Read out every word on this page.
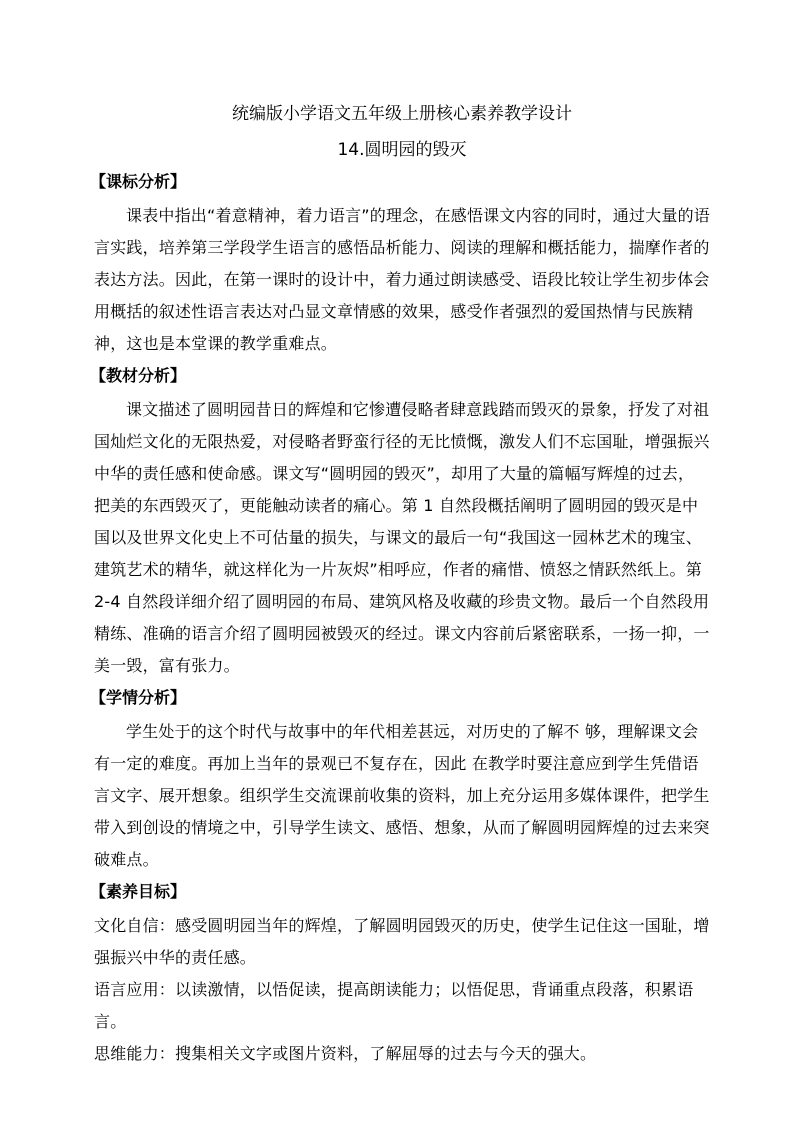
统编版小学语文五年级上册核心素养教学设计
14.圆明园的毁灭
【课标分析】

课表中指出“着意精神，着力语言”的理念，在感悟课文内容的同时，通过大量的语言实践，培养第三学段学生语言的感悟品析能力、阅读的理解和概括能力，揣摩作者的表达方法。因此，在第一课时的设计中，着力通过朗读感受、语段比较让学生初步体会用概括的叙述性语言表达对凸显文章情感的效果，感受作者强烈的爱国热情与民族精神，这也是本堂课的教学重难点。

【教材分析】

课文描述了圆明园昔日的辉煌和它惨遭侵略者肆意践踏而毁灭的景象，抒发了对祖国灿烂文化的无限热爱，对侵略者野蛮行径的无比愤慨，激发人们不忘国耻，增强振兴中华的责任感和使命感。课文写“圆明园的毁灭”，却用了大量的篇幅写辉煌的过去，把美的东西毁灭了，更能触动读者的痛心。第 1 自然段概括阐明了圆明园的毁灭是中国以及世界文化史上不可估量的损失，与课文的最后一句“我国这一园林艺术的瑰宝、建筑艺术的精华，就这样化为一片灰烬”相呼应，作者的痛惜、愤怒之情跃然纸上。第 2-4 自然段详细介绍了圆明园的布局、建筑风格及收藏的珍贵文物。最后一个自然段用精练、准确的语言介绍了圆明园被毁灭的经过。课文内容前后紧密联系，一扬一抑，一美一毁，富有张力。

【学情分析】

学生处于的这个时代与故事中的年代相差甚远，对历史的了解不 够，理解课文会有一定的难度。再加上当年的景观已不复存在，因此 在教学时要注意应到学生凭借语言文字、展开想象。组织学生交流课前收集的资料，加上充分运用多媒体课件，把学生带入到创设的情境之中，引导学生读文、感悟、想象，从而了解圆明园辉煌的过去来突破难点。

【素养目标】

文化自信：感受圆明园当年的辉煌，了解圆明园毁灭的历史，使学生记住这一国耻，增强振兴中华的责任感。

语言应用：以读激情，以悟促读，提高朗读能力；以悟促思，背诵重点段落，积累语言。

思维能力：搜集相关文字或图片资料，了解屈辱的过去与今天的强大。
